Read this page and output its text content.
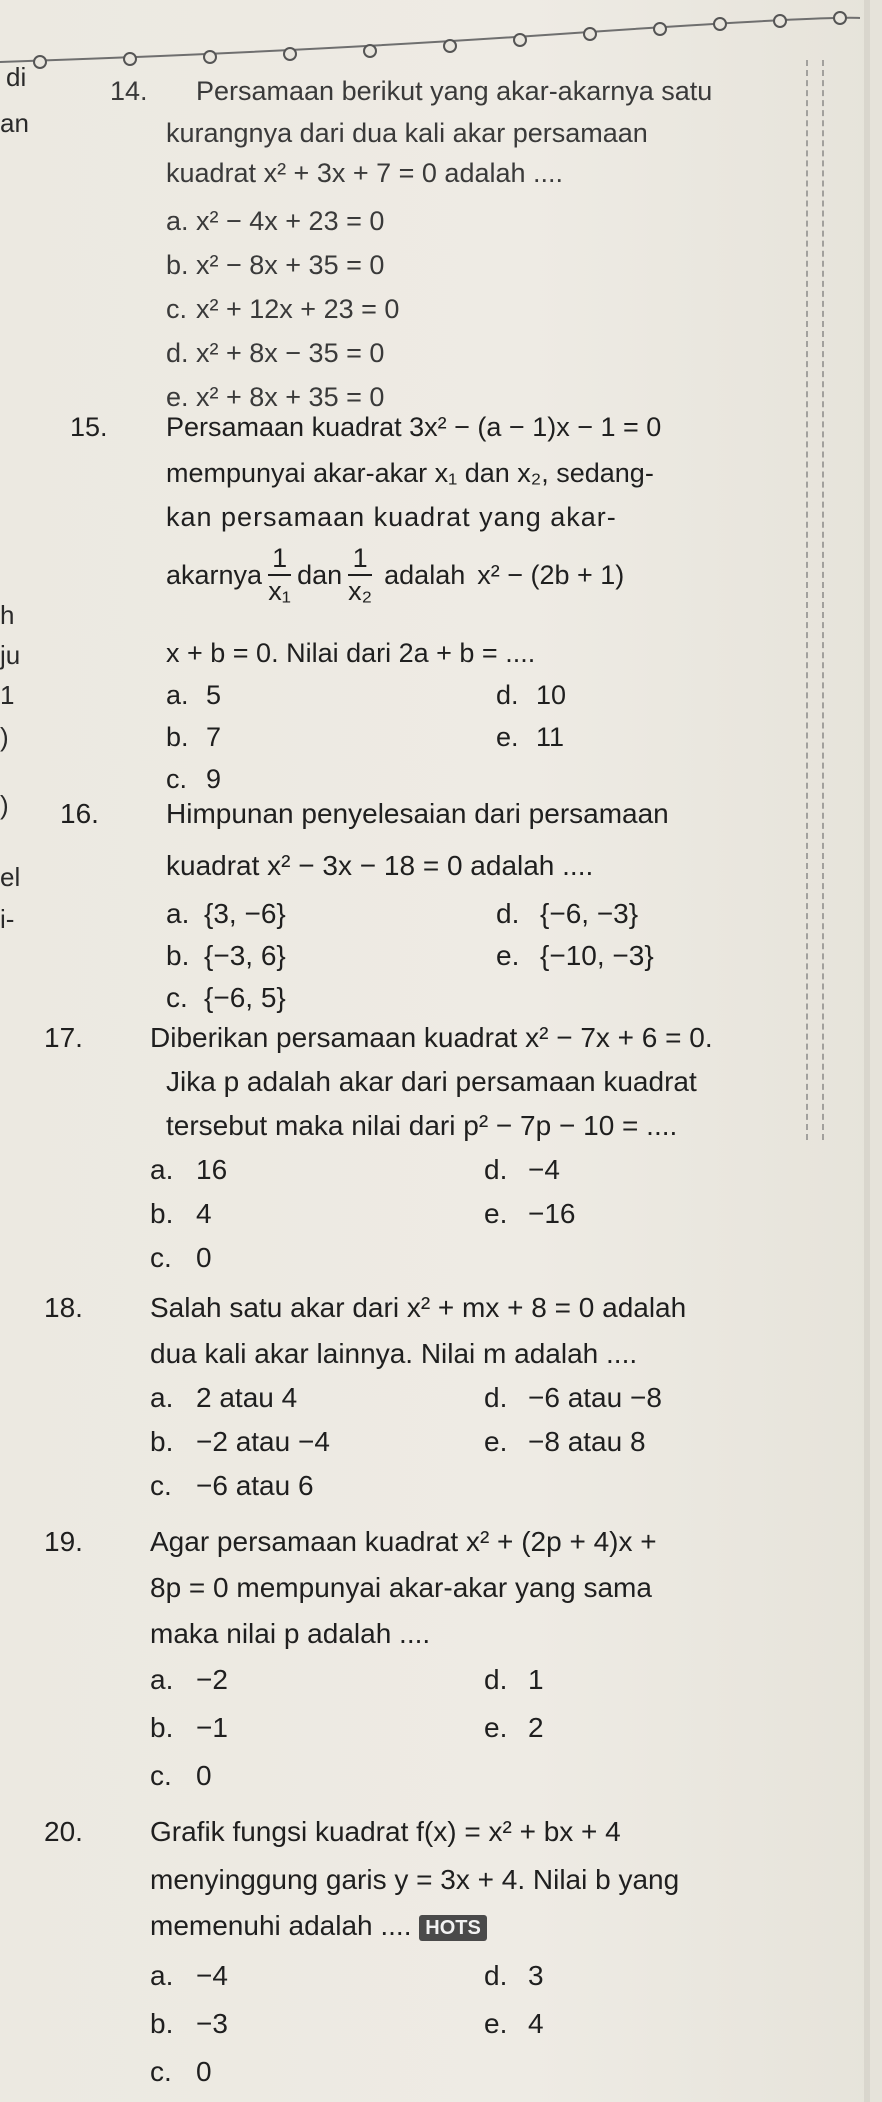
di
an
h
ju
1
)
)
el
i-
14. Persamaan berikut yang akar-akarnya satu
kurangnya dari dua kali akar persamaan
kuadrat x² + 3x + 7 = 0 adalah ....
a. x² − 4x + 23 = 0
b. x² − 8x + 35 = 0
c. x² + 12x + 23 = 0
d. x² + 8x − 35 = 0
e. x² + 8x + 35 = 0
15. Persamaan kuadrat 3x² − (a − 1)x − 1 = 0
mempunyai akar-akar x₁ dan x₂, sedang-
kan persamaan kuadrat yang akar-
akarnya $\frac{1}{\text{x₁}}$ dan $\frac{1}{\text{x₂}}$ adalah x² − (2b + 1)
x + b = 0. Nilai dari 2a + b = ....
a. 5
b. 7
c. 9
d. 10
e. 11
16. Himpunan penyelesaian dari persamaan
kuadrat x² − 3x − 18 = 0 adalah ....
a. {3, −6}
b. {−3, 6}
c. {−6, 5}
d. {−6, −3}
e. {−10, −3}
17. Diberikan persamaan kuadrat x² − 7x + 6 = 0.
Jika p adalah akar dari persamaan kuadrat
tersebut maka nilai dari p² − 7p − 10 = ....
a. 16
b. 4
c. 0
d. −4
e. −16
18. Salah satu akar dari x² + mx + 8 = 0 adalah
dua kali akar lainnya. Nilai m adalah ....
a. 2 atau 4
b. −2 atau −4
c. −6 atau 6
d. −6 atau −8
e. −8 atau 8
19. Agar persamaan kuadrat x² + (2p + 4)x +
8p = 0 mempunyai akar-akar yang sama
maka nilai p adalah ....
a. −2
b. −1
c. 0
d. 1
e. 2
20. Grafik fungsi kuadrat f(x) = x² + bx + 4
menyinggung garis y = 3x + 4. Nilai b yang
memenuhi adalah .... HOTS
a. −4
b. −3
c. 0
d. 3
e. 4
